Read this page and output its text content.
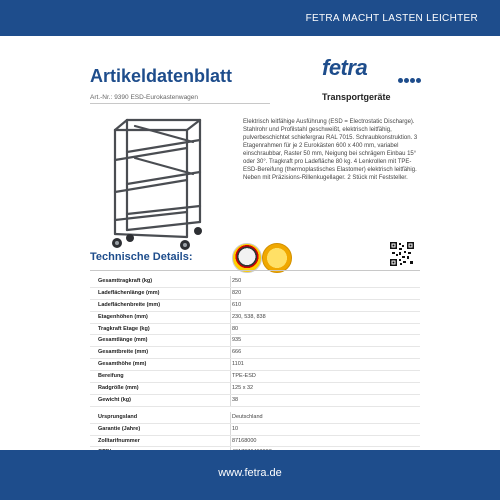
FETRA MACHT LASTEN LEICHTER
Artikeldatenblatt
Art.-Nr.: 9390 ESD-Eurokastenwagen
fetra
Transportgeräte
Elektrisch leitfähige Ausführung (ESD = Electrostatic Discharge). Stahlrohr und Profilstahl geschweißt, elektrisch leitfähig, pulverbeschichtet schiefergrau RAL 7015. Schraubkonstruktion. 3 Etagenrahmen für je 2 Eurokästen 600 x 400 mm, variabel einschraubbar, Raster 50 mm, Neigung bei schrägem Einbau 15° oder 30°. Tragkraft pro Ladefläche 80 kg. 4 Lenkrollen mit TPE-ESD-Bereifung (thermoplastisches Elastomer) elektrisch leitfähig. Neben mit Präzisions-Rillenkugellager. 2 Stück mit Feststeller.
Technische Details:
Gesamttragkraft (kg)	250
Ladeflächenlänge (mm)	820
Ladeflächenbreite (mm)	610
Etagenhöhen (mm)	230, 538, 838
Tragkraft Etage (kg)	80
Gesamtlänge (mm)	935
Gesamtbreite (mm)	666
Gesamthöhe (mm)	1101
Bereifung	TPE-ESD
Radgröße (mm)	125 x 32
Gewicht (kg)	38
Ursprungsland	Deutschland
Garantie (Jahre)	10
Zolltarifnummer	87168000
www.fetra.de
